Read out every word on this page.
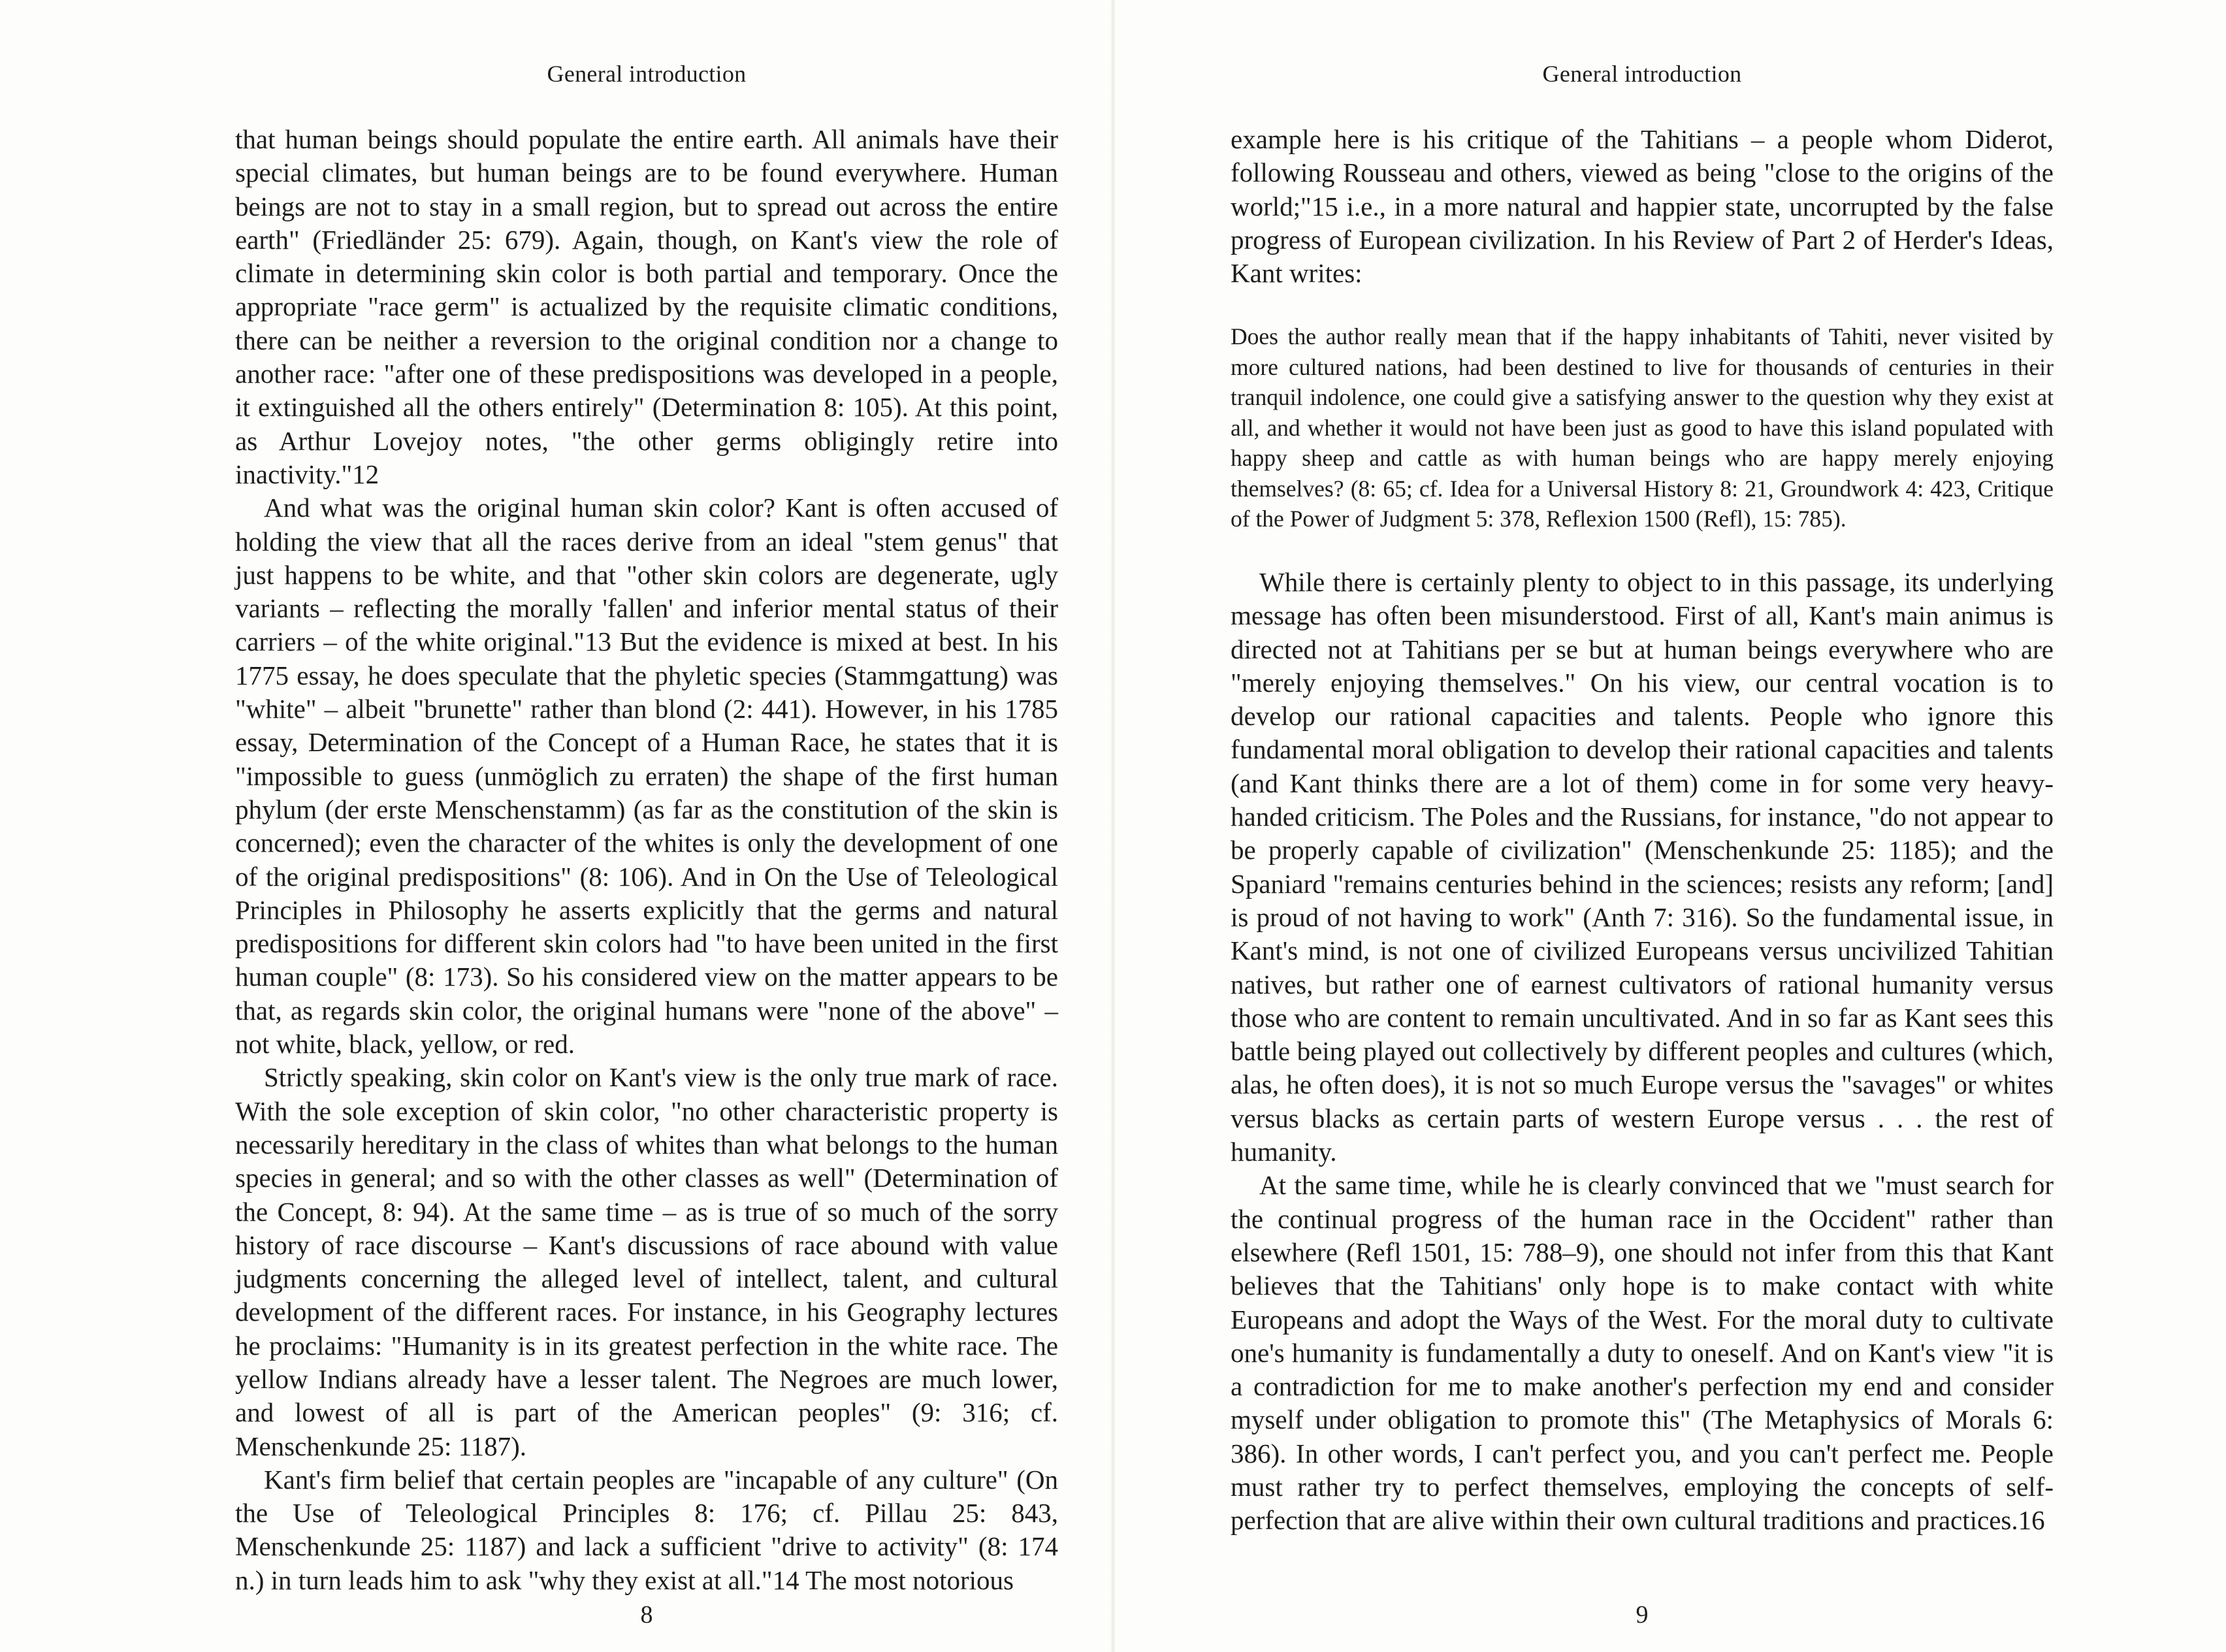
General introduction

that human beings should populate the entire earth. All animals have their special climates, but human beings are to be found everywhere. Human beings are not to stay in a small region, but to spread out across the entire earth" (Friedländer 25: 679). Again, though, on Kant's view the role of climate in determining skin color is both partial and temporary. Once the appropriate "race germ" is actualized by the requisite climatic conditions, there can be neither a reversion to the original condition nor a change to another race: "after one of these predispositions was developed in a people, it extinguished all the others entirely" (Determination 8: 105). At this point, as Arthur Lovejoy notes, "the other germs obligingly retire into inactivity."12

And what was the original human skin color? Kant is often accused of holding the view that all the races derive from an ideal "stem genus" that just happens to be white, and that "other skin colors are degenerate, ugly variants – reflecting the morally 'fallen' and inferior mental status of their carriers – of the white original."13 But the evidence is mixed at best. In his 1775 essay, he does speculate that the phyletic species (Stammgattung) was "white" – albeit "brunette" rather than blond (2: 441). However, in his 1785 essay, Determination of the Concept of a Human Race, he states that it is "impossible to guess (unmöglich zu erraten) the shape of the first human phylum (der erste Menschenstamm) (as far as the constitution of the skin is concerned); even the character of the whites is only the development of one of the original predispositions" (8: 106). And in On the Use of Teleological Principles in Philosophy he asserts explicitly that the germs and natural predispositions for different skin colors had "to have been united in the first human couple" (8: 173). So his considered view on the matter appears to be that, as regards skin color, the original humans were "none of the above" – not white, black, yellow, or red.

Strictly speaking, skin color on Kant's view is the only true mark of race. With the sole exception of skin color, "no other characteristic property is necessarily hereditary in the class of whites than what belongs to the human species in general; and so with the other classes as well" (Determination of the Concept, 8: 94). At the same time – as is true of so much of the sorry history of race discourse – Kant's discussions of race abound with value judgments concerning the alleged level of intellect, talent, and cultural development of the different races. For instance, in his Geography lectures he proclaims: "Humanity is in its greatest perfection in the white race. The yellow Indians already have a lesser talent. The Negroes are much lower, and lowest of all is part of the American peoples" (9: 316; cf. Menschenkunde 25: 1187).

Kant's firm belief that certain peoples are "incapable of any culture" (On the Use of Teleological Principles 8: 176; cf. Pillau 25: 843, Menschenkunde 25: 1187) and lack a sufficient "drive to activity" (8: 174 n.) in turn leads him to ask "why they exist at all."14 The most notorious

8
General introduction

example here is his critique of the Tahitians – a people whom Diderot, following Rousseau and others, viewed as being "close to the origins of the world;"15 i.e., in a more natural and happier state, uncorrupted by the false progress of European civilization. In his Review of Part 2 of Herder's Ideas, Kant writes:

Does the author really mean that if the happy inhabitants of Tahiti, never visited by more cultured nations, had been destined to live for thousands of centuries in their tranquil indolence, one could give a satisfying answer to the question why they exist at all, and whether it would not have been just as good to have this island populated with happy sheep and cattle as with human beings who are happy merely enjoying themselves? (8: 65; cf. Idea for a Universal History 8: 21, Groundwork 4: 423, Critique of the Power of Judgment 5: 378, Reflexion 1500 (Refl), 15: 785).

While there is certainly plenty to object to in this passage, its underlying message has often been misunderstood. First of all, Kant's main animus is directed not at Tahitians per se but at human beings everywhere who are "merely enjoying themselves." On his view, our central vocation is to develop our rational capacities and talents. People who ignore this fundamental moral obligation to develop their rational capacities and talents (and Kant thinks there are a lot of them) come in for some very heavy-handed criticism. The Poles and the Russians, for instance, "do not appear to be properly capable of civilization" (Menschenkunde 25: 1185); and the Spaniard "remains centuries behind in the sciences; resists any reform; [and] is proud of not having to work" (Anth 7: 316). So the fundamental issue, in Kant's mind, is not one of civilized Europeans versus uncivilized Tahitian natives, but rather one of earnest cultivators of rational humanity versus those who are content to remain uncultivated. And in so far as Kant sees this battle being played out collectively by different peoples and cultures (which, alas, he often does), it is not so much Europe versus the "savages" or whites versus blacks as certain parts of western Europe versus . . . the rest of humanity.

At the same time, while he is clearly convinced that we "must search for the continual progress of the human race in the Occident" rather than elsewhere (Refl 1501, 15: 788–9), one should not infer from this that Kant believes that the Tahitians' only hope is to make contact with white Europeans and adopt the Ways of the West. For the moral duty to cultivate one's humanity is fundamentally a duty to oneself. And on Kant's view "it is a contradiction for me to make another's perfection my end and consider myself under obligation to promote this" (The Metaphysics of Morals 6: 386). In other words, I can't perfect you, and you can't perfect me. People must rather try to perfect themselves, employing the concepts of self-perfection that are alive within their own cultural traditions and practices.16

9
